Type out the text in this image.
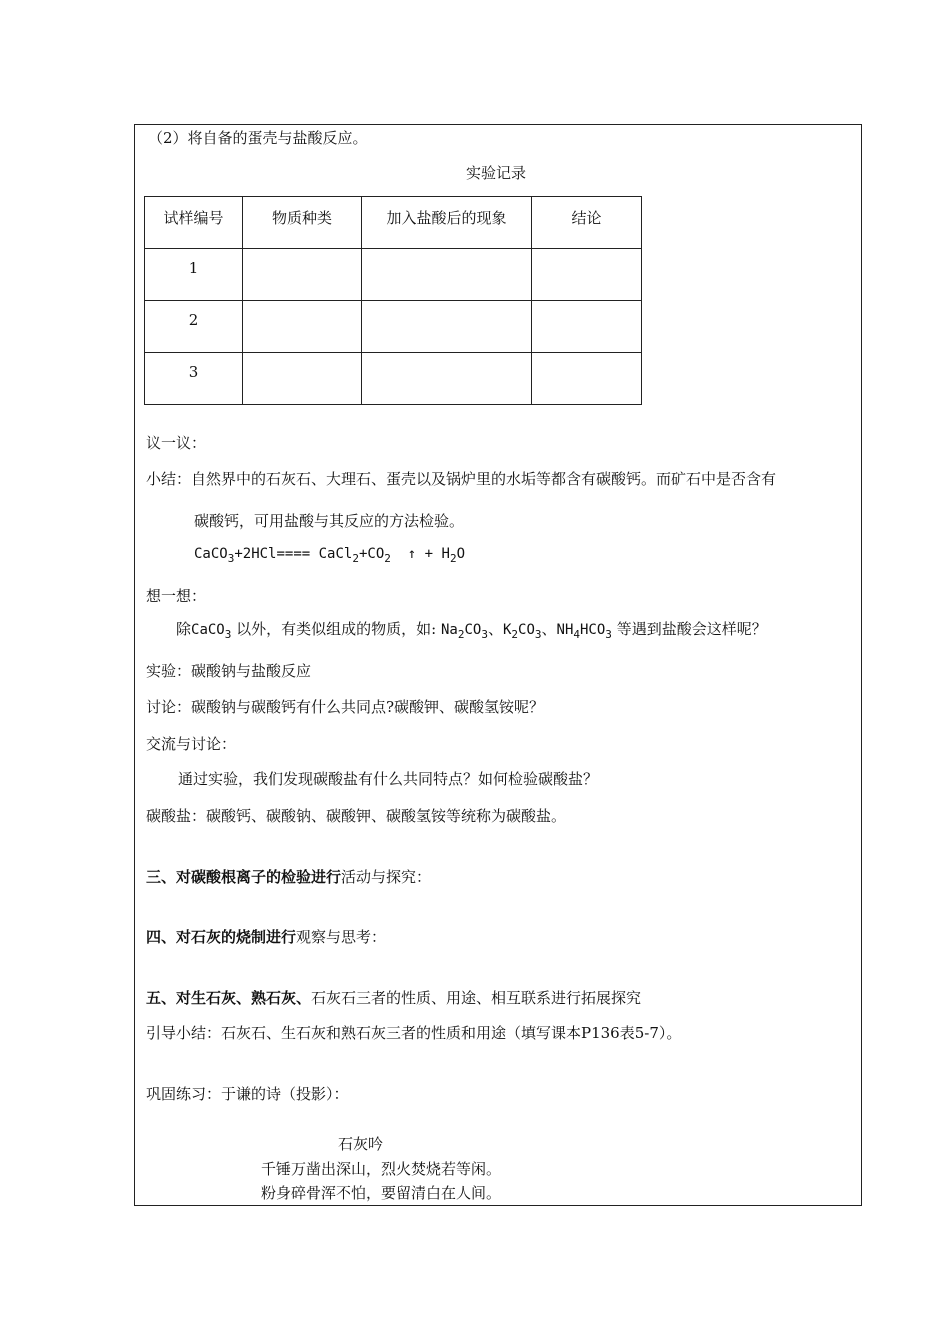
（2）将自备的蛋壳与盐酸反应。
实验记录
试样编号	物质种类	加入盐酸后的现象	结论
1			
2			
3			
议一议：
小结：自然界中的石灰石、大理石、蛋壳以及锅炉里的水垢等都含有碳酸钙。而矿石中是否含有
碳酸钙，可用盐酸与其反应的方法检验。
CaCO$_3$+2HCl==== $CaCl_2+CO_2$ ↑ + $H_2O$
想一想：
除CaCO$_3$ 以外，有类似组成的物质，如: $Na_2CO_3$、$K_2CO_3$、$NH_4HCO_3$ 等遇到盐酸会这样呢？
实验：碳酸钠与盐酸反应
讨论：碳酸钠与碳酸钙有什么共同点?碳酸钾、碳酸氢铵呢？
交流与讨论：
通过实验，我们发现碳酸盐有什么共同特点？如何检验碳酸盐？
碳酸盐：碳酸钙、碳酸钠、碳酸钾、碳酸氢铵等统称为碳酸盐。
三、对碳酸根离子的检验进行活动与探究：
四、对石灰的烧制进行观察与思考：
五、对生石灰、熟石灰、石灰石三者的性质、用途、相互联系进行拓展探究
引导小结：石灰石、生石灰和熟石灰三者的性质和用途（填写课本P136表5-7）。
巩固练习：于谦的诗（投影）：
石灰吟
千锤万凿出深山，烈火焚烧若等闲。
粉身碎骨浑不怕，要留清白在人间。
